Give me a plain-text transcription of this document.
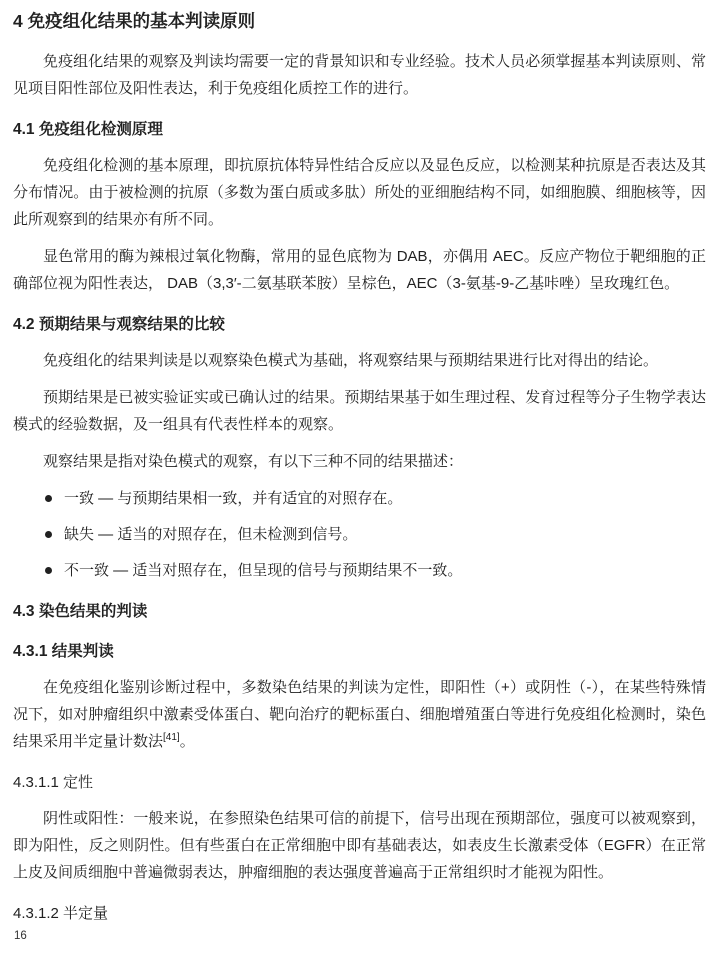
4 免疫组化结果的基本判读原则

免疫组化结果的观察及判读均需要一定的背景知识和专业经验。技术人员必须掌握基本判读原则、常见项目阳性部位及阳性表达，利于免疫组化质控工作的进行。

4.1 免疫组化检测原理

免疫组化检测的基本原理，即抗原抗体特异性结合反应以及显色反应，以检测某种抗原是否表达及其分布情况。由于被检测的抗原（多数为蛋白质或多肽）所处的亚细胞结构不同，如细胞膜、细胞核等，因此所观察到的结果亦有所不同。

显色常用的酶为辣根过氧化物酶，常用的显色底物为 DAB，亦偶用 AEC。反应产物位于靶细胞的正确部位视为阳性表达， DAB（3,3′-二氨基联苯胺）呈棕色，AEC（3-氨基-9-乙基咔唑）呈玫瑰红色。

4.2 预期结果与观察结果的比较

免疫组化的结果判读是以观察染色模式为基础，将观察结果与预期结果进行比对得出的结论。

预期结果是已被实验证实或已确认过的结果。预期结果基于如生理过程、发育过程等分子生物学表达模式的经验数据，及一组具有代表性样本的观察。

观察结果是指对染色模式的观察，有以下三种不同的结果描述：

一致 — 与预期结果相一致，并有适宜的对照存在。
缺失 — 适当的对照存在，但未检测到信号。
不一致 — 适当对照存在，但呈现的信号与预期结果不一致。
4.3 染色结果的判读
4.3.1 结果判读

在免疫组化鉴别诊断过程中，多数染色结果的判读为定性，即阳性（+）或阴性（-），在某些特殊情况下，如对肿瘤组织中激素受体蛋白、靶向治疗的靶标蛋白、细胞增殖蛋白等进行免疫组化检测时，染色结果采用半定量计数法[41]。

4.3.1.1 定性

阴性或阳性：一般来说，在参照染色结果可信的前提下，信号出现在预期部位，强度可以被观察到，即为阳性，反之则阴性。但有些蛋白在正常细胞中即有基础表达，如表皮生长激素受体（EGFR）在正常上皮及间质细胞中普遍微弱表达，肿瘤细胞的表达强度普遍高于正常组织时才能视为阳性。

4.3.1.2 半定量
16
